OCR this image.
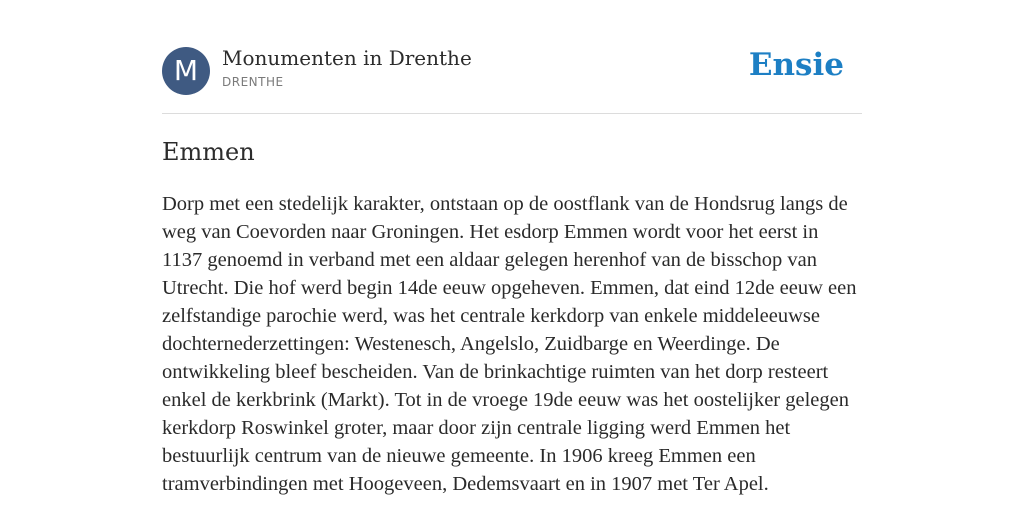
M	Monumenten in Drenthe
DRENTHE	Ensie
Emmen

Dorp met een stedelijk karakter, ontstaan op de oostflank van de Hondsrug langs de weg van Coevorden naar Groningen. Het esdorp Emmen wordt voor het eerst in 1137 genoemd in verband met een aldaar gelegen herenhof van de bisschop van Utrecht. Die hof werd begin 14de eeuw opgeheven. Emmen, dat eind 12de eeuw een zelfstandige parochie werd, was het centrale kerkdorp van enkele middeleeuwse dochternederzettingen: Westenesch, Angelslo, Zuidbarge en Weerdinge. De ontwikkeling bleef bescheiden. Van de brinkachtige ruimten van het dorp resteert enkel de kerkbrink (Markt). Tot in de vroege 19de eeuw was het oostelijker gelegen kerkdorp Roswinkel groter, maar door zijn centrale ligging werd Emmen het bestuurlijk centrum van de nieuwe gemeente. In 1906 kreeg Emmen een tramverbindingen met Hoogeveen, Dedemsvaart en in 1907 met Ter Apel.
